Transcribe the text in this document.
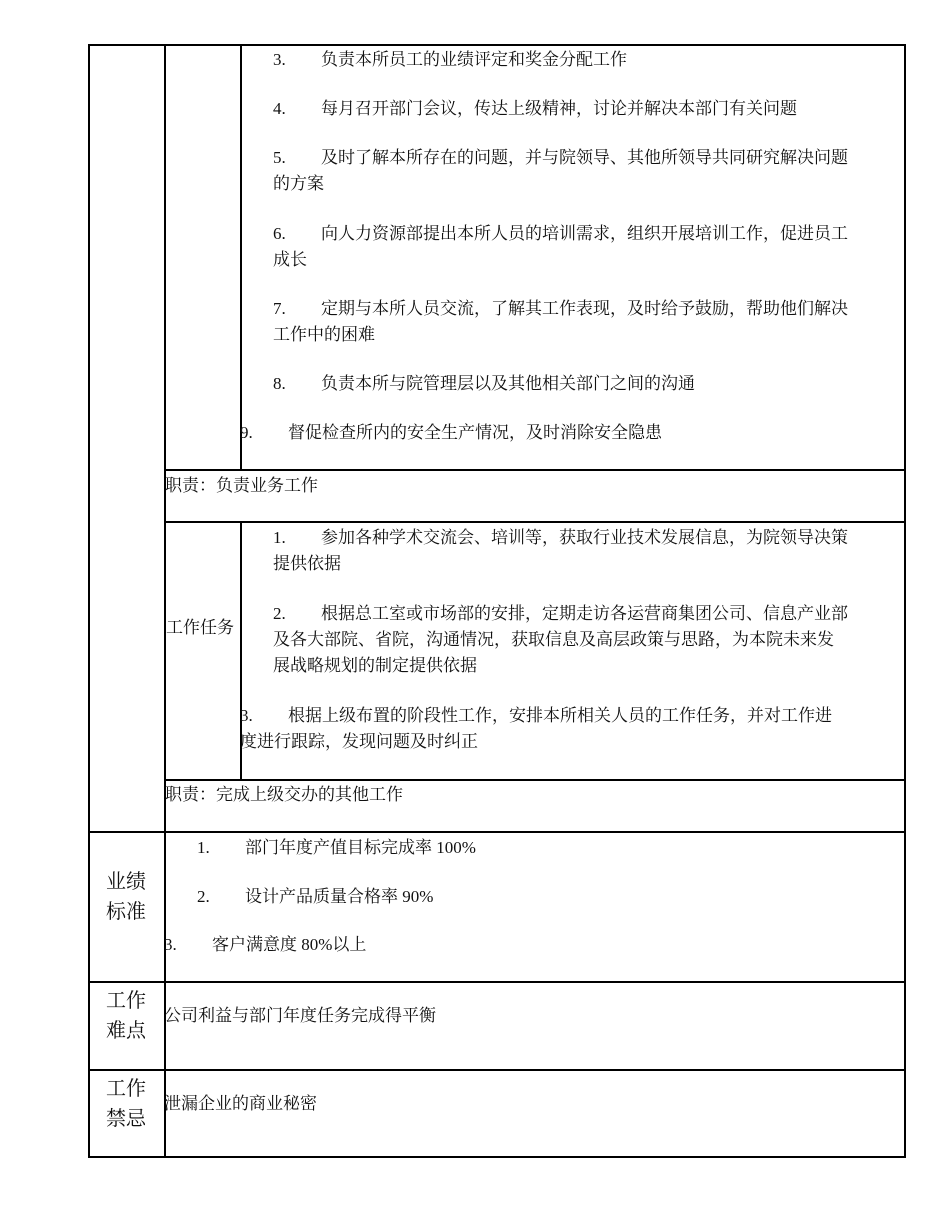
3. 负责本所员工的业绩评定和奖金分配工作
4. 每月召开部门会议，传达上级精神，讨论并解决本部门有关问题
5. 及时了解本所存在的问题，并与院领导、其他所领导共同研究解决问题
的方案
6. 向人力资源部提出本所人员的培训需求，组织开展培训工作，促进员工
成长
7. 定期与本所人员交流，了解其工作表现，及时给予鼓励，帮助他们解决
工作中的困难
8. 负责本所与院管理层以及其他相关部门之间的沟通
9. 督促检查所内的安全生产情况，及时消除安全隐患
职责：负责业务工作
工作任务
1. 参加各种学术交流会、培训等，获取行业技术发展信息，为院领导决策
提供依据
2. 根据总工室或市场部的安排，定期走访各运营商集团公司、信息产业部
及各大部院、省院，沟通情况，获取信息及高层政策与思路，为本院未来发
展战略规划的制定提供依据
3. 根据上级布置的阶段性工作，安排本所相关人员的工作任务，并对工作进
度进行跟踪，发现问题及时纠正
职责：完成上级交办的其他工作
业绩标准
1. 部门年度产值目标完成率 100%
2. 设计产品质量合格率 90%
3. 客户满意度 80%以上
工作难点
公司利益与部门年度任务完成得平衡
工作禁忌
泄漏企业的商业秘密
